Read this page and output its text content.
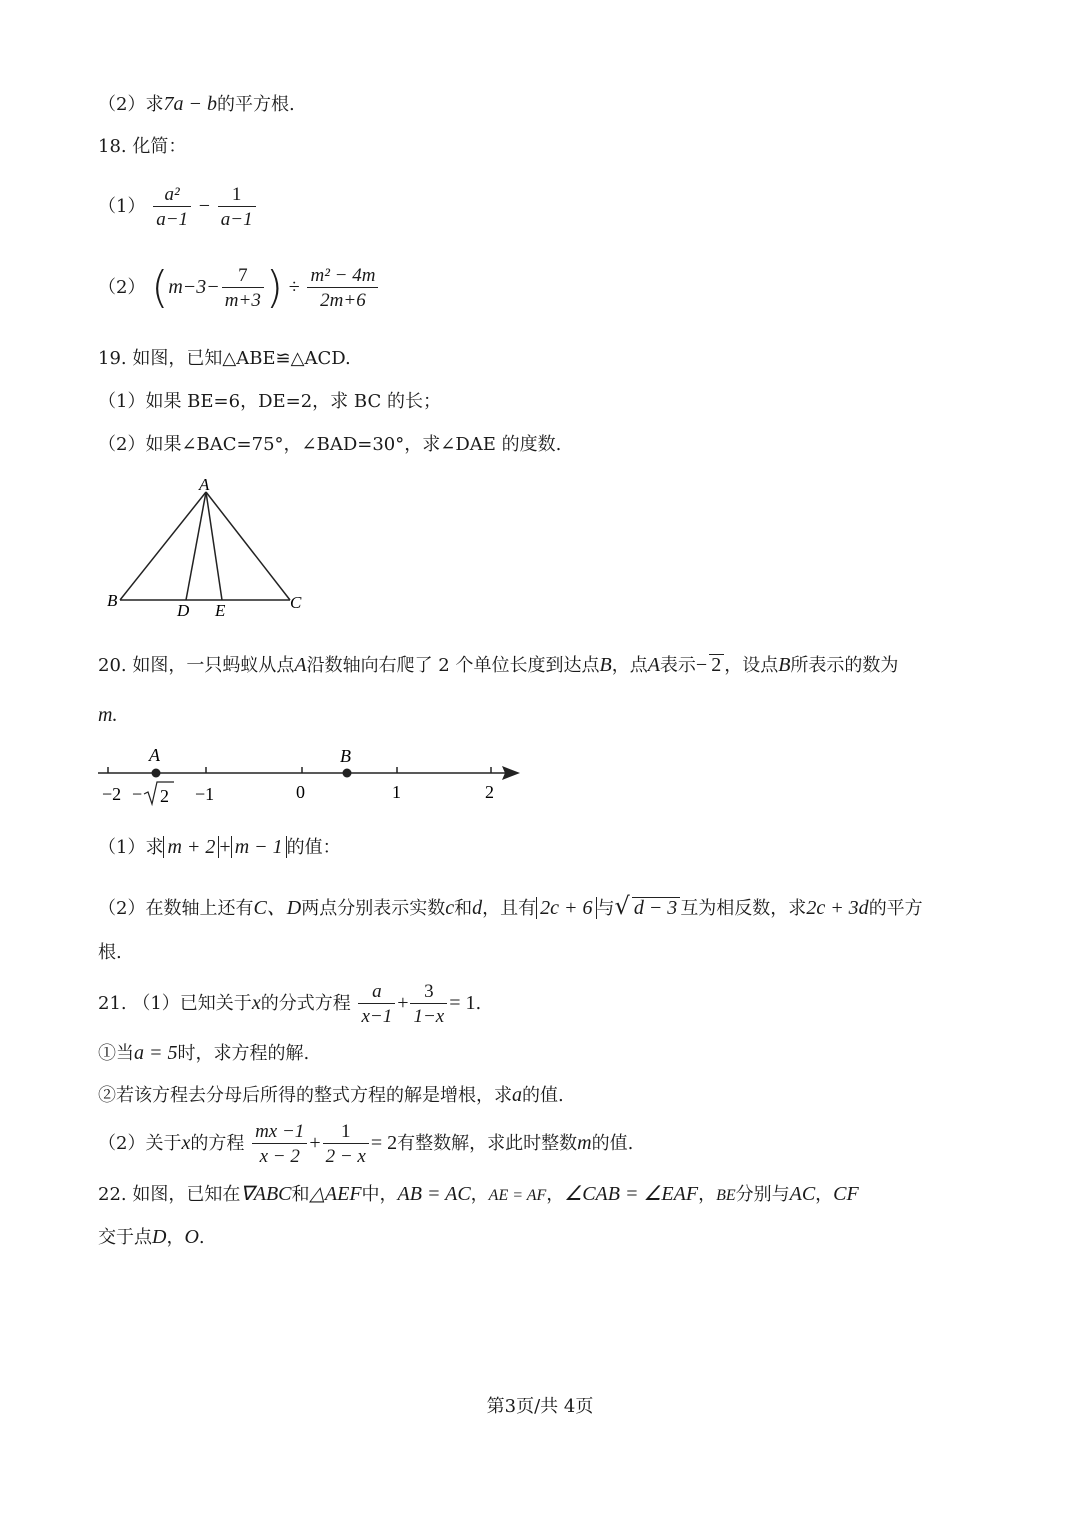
（2）求7a − b的平方根.
18. 化简：
$(1) \frac{\text{a²}}{a-1} - \frac{1}{a-1}$
（2） ($m-3- \frac{7}{m+3}$ ) ÷ $\frac{\text{m² − 4m}}{2m+6}$
19. 如图，已知△ABE≌△ACD.
（1）如果 BE=6，DE=2，求 BC 的长；
（2）如果∠BAC=75°，∠BAD=30°，求∠DAE 的度数.
A
B	C
D E
20. 如图，一只蚂蚁从点A沿数轴向右爬了 2 个单位长度到达点B，点A表示− 2 ，设点B所表示的数为
m.
A	B
−2 − 2 −1	0	1	2
（1）求 m + 2 + m − 1 的值：
（2）在数轴上还有C、D两点分别表示实数c和d，且有 2c + 6 与√ d − 3 互为相反数，求2c + 3d的平方
根.
21. （1）已知关于x的分式方程 $\frac{a}{x-1} + \frac{3}{1-x} = 1$.
①当a = 5时，求方程的解.
②若该方程去分母后所得的整式方程的解是增根，求a的值.
（2）关于x的方程 $\frac{mx -1}{x - 2} + \frac{1}{2 - x} = 2$有整数解，求此时整数m的值.
22. 如图，已知在∇ABC和△AEF中，AB = AC，AE = AF，∠CAB = ∠EAF，BE分别与AC，CF
交于点D，O.
第3页/共 4页
